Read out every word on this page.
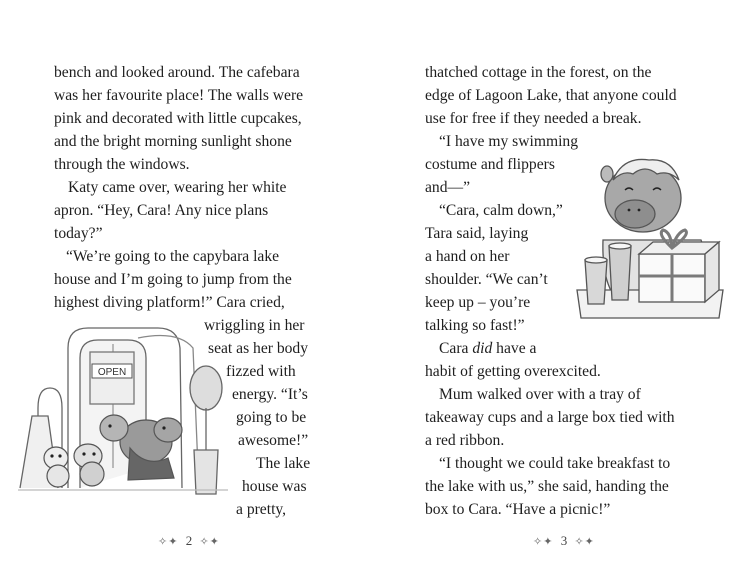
bench and looked around. The cafebara
was her favourite place! The walls were
pink and decorated with little cupcakes,
and the bright morning sunlight shone
through the windows.
Katy came over, wearing her white
apron. “Hey, Cara! Any nice plans
today?”
“We’re going to the capybara lake
house and I’m going to jump from the
highest diving platform!” Cara cried,
wriggling in her
seat as her body
fizzed with
energy. “It’s
going to be
awesome!”
The lake
house was
a pretty,
OPEN
✧✦ 2 ✧✦
thatched cottage in the forest, on the
edge of Lagoon Lake, that anyone could
use for free if they needed a break.
“I have my swimming
costume and flippers
and—”
“Cara, calm down,”
Tara said, laying
a hand on her
shoulder. “We can’t
keep up – you’re
talking so fast!”
Cara did have a
habit of getting overexcited.
Mum walked over with a tray of
takeaway cups and a large box tied with
a red ribbon.
“I thought we could take breakfast to
the lake with us,” she said, handing the
box to Cara. “Have a picnic!”
✧✦ 3 ✧✦
